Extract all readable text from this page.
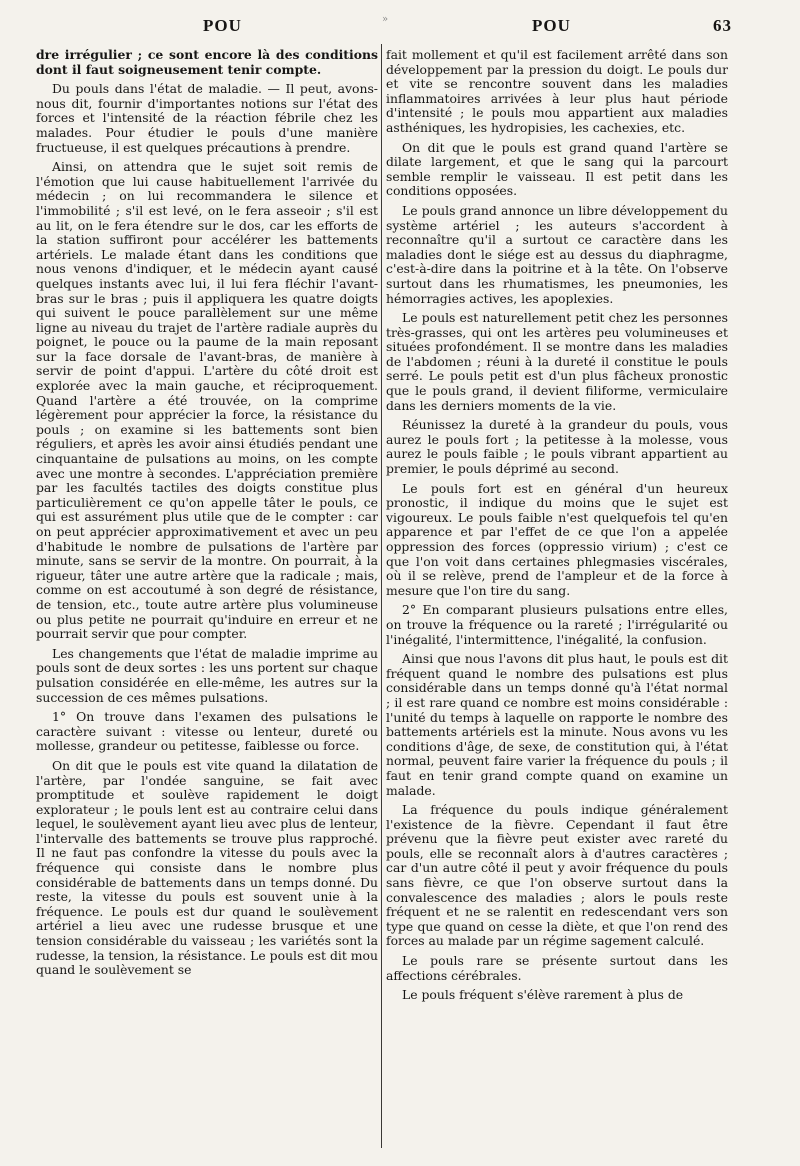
POU	»	POU	63

dre irrégulier ; ce sont encore là des conditions dont il faut soigneusement tenir compte.

Du pouls dans l'état de maladie. — Il peut, avons-nous dit, fournir d'importantes notions sur l'état des forces et l'intensité de la réaction fébrile chez les malades. Pour étudier le pouls d'une manière fructueuse, il est quelques précautions à prendre.

Ainsi, on attendra que le sujet soit remis de l'émotion que lui cause habituellement l'arrivée du médecin ; on lui recommandera le silence et l'immobilité ; s'il est levé, on le fera asseoir ; s'il est au lit, on le fera étendre sur le dos, car les efforts de la station suffiront pour accélérer les battements artériels. Le malade étant dans les conditions que nous venons d'indiquer, et le médecin ayant causé quelques instants avec lui, il lui fera fléchir l'avant-bras sur le bras ; puis il appliquera les quatre doigts qui suivent le pouce parallèlement sur une même ligne au niveau du trajet de l'artère radiale auprès du poignet, le pouce ou la paume de la main reposant sur la face dorsale de l'avant-bras, de manière à servir de point d'appui. L'artère du côté droit est explorée avec la main gauche, et réciproquement. Quand l'artère a été trouvée, on la comprime légèrement pour apprécier la force, la résistance du pouls ; on examine si les battements sont bien réguliers, et après les avoir ainsi étudiés pendant une cinquantaine de pulsations au moins, on les compte avec une montre à secondes. L'appréciation première par les facultés tactiles des doigts constitue plus particulièrement ce qu'on appelle tâter le pouls, ce qui est assurément plus utile que de le compter : car on peut apprécier approximativement et avec un peu d'habitude le nombre de pulsations de l'artère par minute, sans se servir de la montre. On pourrait, à la rigueur, tâter une autre artère que la radicale ; mais, comme on est accoutumé à son degré de résistance, de tension, etc., toute autre artère plus volumineuse ou plus petite ne pourrait qu'induire en erreur et ne pourrait servir que pour compter.

Les changements que l'état de maladie imprime au pouls sont de deux sortes : les uns portent sur chaque pulsation considérée en elle-même, les autres sur la succession de ces mêmes pulsations.

1° On trouve dans l'examen des pulsations le caractère suivant : vitesse ou lenteur, dureté ou mollesse, grandeur ou petitesse, faiblesse ou force.

On dit que le pouls est vite quand la dilatation de l'artère, par l'ondée sanguine, se fait avec promptitude et soulève rapidement le doigt explorateur ; le pouls lent est au contraire celui dans lequel, le soulèvement ayant lieu avec plus de lenteur, l'intervalle des battements se trouve plus rapproché. Il ne faut pas confondre la vitesse du pouls avec la fréquence qui consiste dans le nombre plus considérable de battements dans un temps donné. Du reste, la vitesse du pouls est souvent unie à la fréquence. Le pouls est dur quand le soulèvement artériel a lieu avec une rudesse brusque et une tension considérable du vaisseau ; les variétés sont la rudesse, la tension, la résistance. Le pouls est dit mou quand le soulèvement se

fait mollement et qu'il est facilement arrêté dans son développement par la pression du doigt. Le pouls dur et vite se rencontre souvent dans les maladies inflammatoires arrivées à leur plus haut période d'intensité ; le pouls mou appartient aux maladies asthéniques, les hydropisies, les cachexies, etc.

On dit que le pouls est grand quand l'artère se dilate largement, et que le sang qui la parcourt semble remplir le vaisseau. Il est petit dans les conditions opposées.

Le pouls grand annonce un libre développement du système artériel ; les auteurs s'accordent à reconnaître qu'il a surtout ce caractère dans les maladies dont le siége est au dessus du diaphragme, c'est-à-dire dans la poitrine et à la tête. On l'observe surtout dans les rhumatismes, les pneumonies, les hémorragies actives, les apoplexies.

Le pouls est naturellement petit chez les personnes très-grasses, qui ont les artères peu volumineuses et situées profondément. Il se montre dans les maladies de l'abdomen ; réuni à la dureté il constitue le pouls serré. Le pouls petit est d'un plus fâcheux pronostic que le pouls grand, il devient filiforme, vermiculaire dans les derniers moments de la vie.

Réunissez la dureté à la grandeur du pouls, vous aurez le pouls fort ; la petitesse à la molesse, vous aurez le pouls faible ; le pouls vibrant appartient au premier, le pouls déprimé au second.

Le pouls fort est en général d'un heureux pronostic, il indique du moins que le sujet est vigoureux. Le pouls faible n'est quelquefois tel qu'en apparence et par l'effet de ce que l'on a appelée oppression des forces (oppressio virium) ; c'est ce que l'on voit dans certaines phlegmasies viscérales, où il se relève, prend de l'ampleur et de la force à mesure que l'on tire du sang.

2° En comparant plusieurs pulsations entre elles, on trouve la fréquence ou la rareté ; l'irrégularité ou l'inégalité, l'intermittence, l'inégalité, la confusion.

Ainsi que nous l'avons dit plus haut, le pouls est dit fréquent quand le nombre des pulsations est plus considérable dans un temps donné qu'à l'état normal ; il est rare quand ce nombre est moins considérable : l'unité du temps à laquelle on rapporte le nombre des battements artériels est la minute. Nous avons vu les conditions d'âge, de sexe, de constitution qui, à l'état normal, peuvent faire varier la fréquence du pouls ; il faut en tenir grand compte quand on examine un malade.

La fréquence du pouls indique généralement l'existence de la fièvre. Cependant il faut être prévenu que la fièvre peut exister avec rareté du pouls, elle se reconnaît alors à d'autres caractères ; car d'un autre côté il peut y avoir fréquence du pouls sans fièvre, ce que l'on observe surtout dans la convalescence des maladies ; alors le pouls reste fréquent et ne se ralentit en redescendant vers son type que quand on cesse la diète, et que l'on rend des forces au malade par un régime sagement calculé.

Le pouls rare se présente surtout dans les affections cérébrales.

Le pouls fréquent s'élève rarement à plus de
